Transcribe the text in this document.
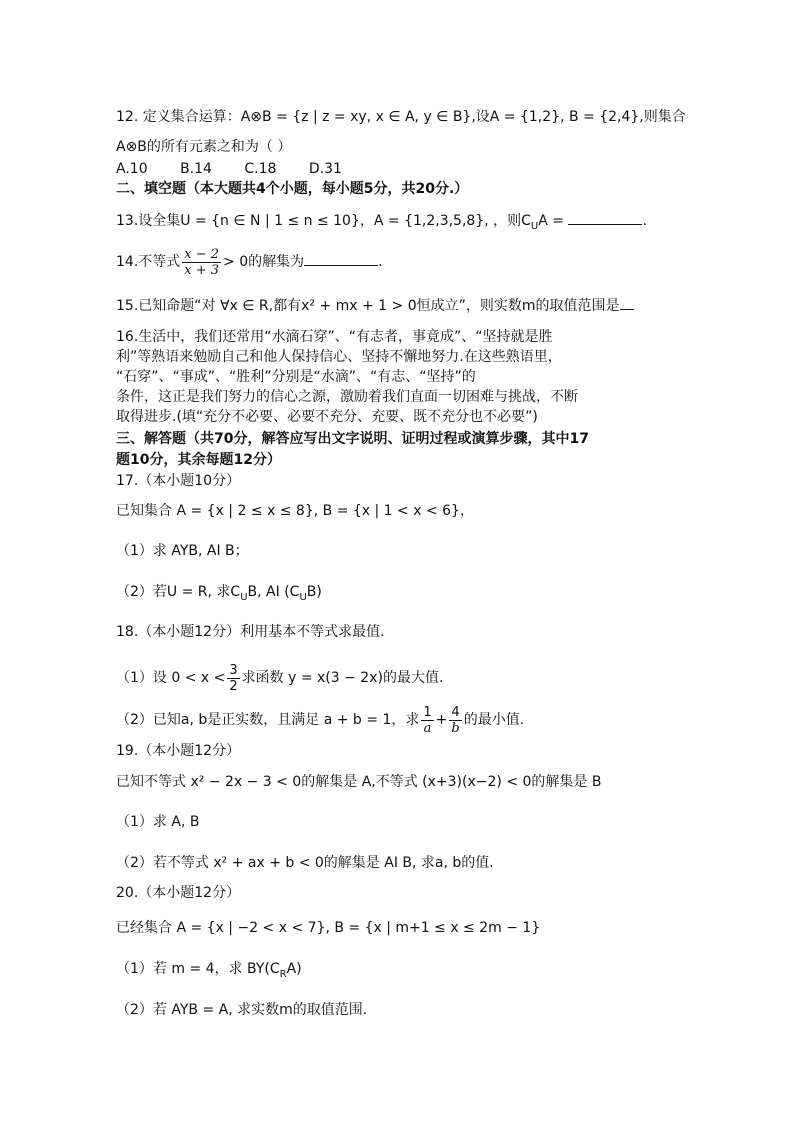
12. 定义集合运算：A⊗B = {z | z = xy, x ∈ A, y ∈ B},设A = {1,2}, B = {2,4},则集合
A⊗B的所有元素之和为（ ）
A.10 B.14 C.18 D.31
二、填空题（本大题共4个小题，每小题5分，共20分.）
13.设全集U = {n ∈ N | 1 ≤ n ≤ 10}，A = {1,2,3,5,8}, ，则$C_UA$ =	.
14.不等式 $\frac{x - 2}{x + 3} > 0$的解集为	.
15.已知命题“对 ∀x ∈ R,都有x² + mx + 1 > 0恒成立”，则实数m的取值范围是
16.生活中，我们还常用“水滴石穿”、“有志者，事竟成”、“坚持就是胜
利”等熟语来勉励自己和他人保持信心、坚持不懈地努力.在这些熟语里，
“石穿”、“事成”、“胜利”分别是“水滴”、“有志、“坚持”的
条件，这正是我们努力的信心之源，激励着我们直面一切困难与挑战，不断
取得进步.(填“充分不必要、必要不充分、充要、既不充分也不必要”)
三、解答题（共70分，解答应写出文字说明、证明过程或演算步骤，其中17
题10分，其余每题12分）
17.（本小题10分）
已知集合 A = {x | 2 ≤ x ≤ 8}, B = {x | 1 < x < 6}，
（1）求 AYB, AI B；
（2）若U = R, 求$C_UB$, AI $(C_UB)$
18.（本小题12分）利用基本不等式求最值.
（1）设 $0 < x < \frac{3}{2}$ 求函数 y = x(3 − 2x)的最大值.
（2）已知a, b是正实数，且满足 a + b = 1，求 $\frac{1}{a} + \frac{4}{b}$ 的最小值.
19.（本小题12分）
已知不等式 x² − 2x − 3 < 0的解集是 A,不等式 (x+3)(x−2) < 0的解集是 B
（1）求 A, B
（2）若不等式 x² + ax + b < 0的解集是 AI B, 求a, b的值.
20.（本小题12分）
已经集合 A = {x | −2 < x < 7}, B = {x | m+1 ≤ x ≤ 2m − 1}
（1）若 m = 4，求 $BY(C_RA)$
（2）若 AYB = A, 求实数m的取值范围.
